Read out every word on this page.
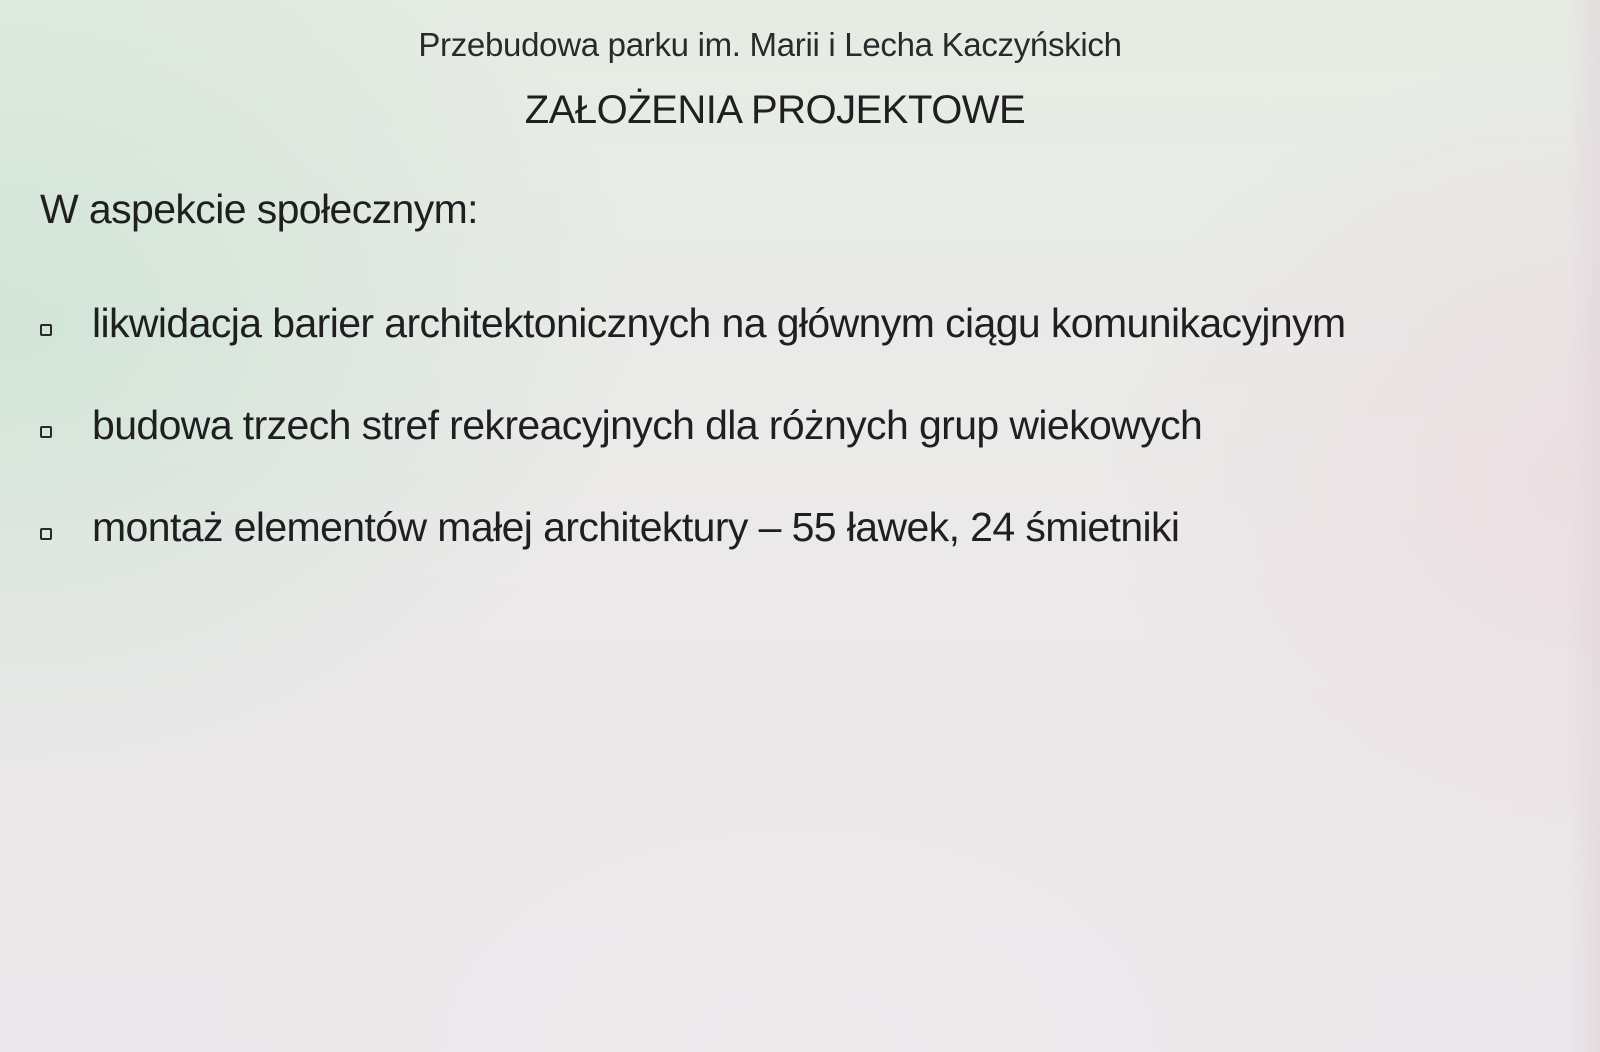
Przebudowa parku im. Marii i Lecha Kaczyńskich
ZAŁOŻENIA PROJEKTOWE
W aspekcie społecznym:
likwidacja barier architektonicznych na głównym ciągu komunikacyjnym
budowa trzech stref rekreacyjnych dla różnych grup wiekowych
montaż elementów małej architektury – 55 ławek, 24 śmietniki
